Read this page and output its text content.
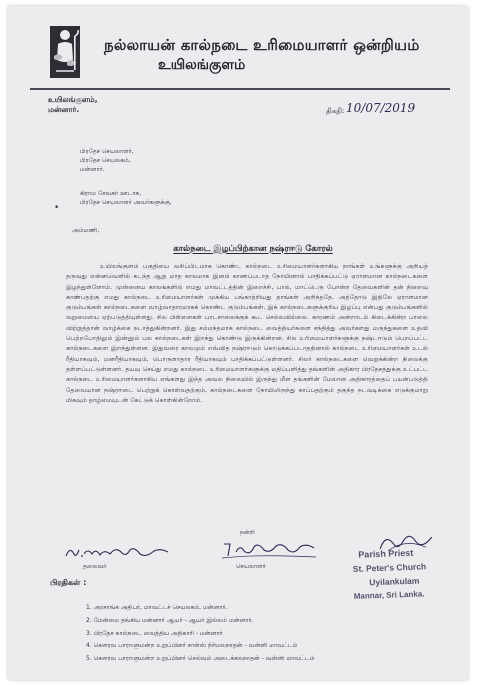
நல்லாயன் கால்நடை உரிமையாளர் ஒன்றியம்
உயிலங்குளம்
உயிலங்குளம்,
மன்னார்.	திகதி: 10/07/2019
பிரதேச செயலாளர்,
பிரதேச செயலகம்,
மன்னார்.
கிராம சேவகர் ஊடாக,
பிரதேச செயலாளர் அவர்களுக்கு,
•
அம்மணி,
கால்நடை இழப்பிற்கான நஷ்ரஈடு கோரல்

உயிலங்குளம் பகுதியை வசிப்பிடமாக கொண்ட கால்நடை உரிமையாளர்களாகிய நாங்கள் உங்களுக்கு அறியத் தருவது என்னவெனில் கடந்த ஆறு மாத காலமாக இனம் காணப்படாத நோயினால் பாதிக்கப்பட்டு ஏராளமான கால்நடைகளை இழந்துள்ளோம். முன்னைய காலங்களில் எமது மாவட்டத்தின் இறைச்சி, பால், மாட்டெரு போன்ற தேவைகளின் தன் நிறைவு காண்பதற்கு எமது கால்நடை உரிமையாளர்கள் முக்கிய பங்காற்றியது தாங்கள் அறிந்ததே. அத்தோடு இதிலே ஏராளமான குடும்பங்கள் கால்நடைகளை வாழ்வாதாரமாகக் கொண்ட குடும்பங்கள். இக் கால்நடைகளுக்குரிய இழப்பு என்பது குடும்பங்களில் வறுமையை ஏற்படுத்தியுள்ளது. சில பிள்ளைகள் பாடசாலைக்குக் கூட செல்லவில்லை. காரணம் அன்றாடம் கிடைக்கின்ற பாலை விற்றுத்தான் வாழ்க்கை நடாத்துகின்றனர். இது சம்மந்தமாக கால்நடை வைத்தியர்களை சந்தித்து அவர்களது மருந்துகளை உதவி பெற்றபோதிலும் இன்னும் பல கால்நடைகள் இறந்து கொண்டு இருக்கின்றன. சில உரிமையாளர்களுக்கு நஷ்டஈடும் பெறப்பட்ட கால்நடைகளை இறந்துள்ளன. இதுவரை காலமும் எவ்வித நஷ்ரஈடும் கொடுக்கப்படாததினால் கால்நடை உரிமையாளர்கள் உடல் ரீதியாகவும், மனரீதியாகவும், பொருளாதார ரீதியாகவும் பாதிக்கப்பட்டுள்ளனர். சிலர் கால்நடைகளை வெறுக்கின்ற நிலைக்கு தள்ளப்பட்டுள்ளனர். தயவு செய்து எமது கால்நடை உரிமையாளர்களுக்கு மதிப்பளித்து தங்களின் அதிகார பிரதேசத்துக்கு உட்பட்ட கால்நடை உரிமையாளர்களாகிய எங்களது இந்த அவல நிலையில் இருந்து மீள தங்களின் மேலான அதிகாரத்தைப் பயன்படுத்தி தேவையான நஷ்ரஈடை பெற்றுக் கொள்வதற்கும், கால்நடைகளை நோயிலிருந்து காப்பதற்கும் தகுந்த நடவடிக்கை எடுக்குமாறு மிகவும் தாழ்மையுடன் கேட்டுக் கொள்கின்றோம்.

நன்றி
தலைவர்	செயலாளர்
Parish Priest
St. Peter's Church
Uyilankulam
Mannar, Sri Lanka.
பிரதிகள் :
1. அரசாங்க அதிபர், மாவட்டச் செயலகம், மன்னார்.
2. மேன்மை தங்கிய மன்னார் ஆயர் - ஆயர் இல்லம் மன்னார்.
3. பிரதேச கால்நடை வைத்திய அதிகாரி - மன்னார்
4. கௌரவ பாராளுமன்ற உறுப்பினர் சாள்ஸ் நிர்மலநாதன் - வன்னி மாவட்டம்
5. கௌரவ பாராளுமன்ற உறுப்பினர் செல்வம் அடைக்கலநாதன் - வன்னி மாவட்டம்
